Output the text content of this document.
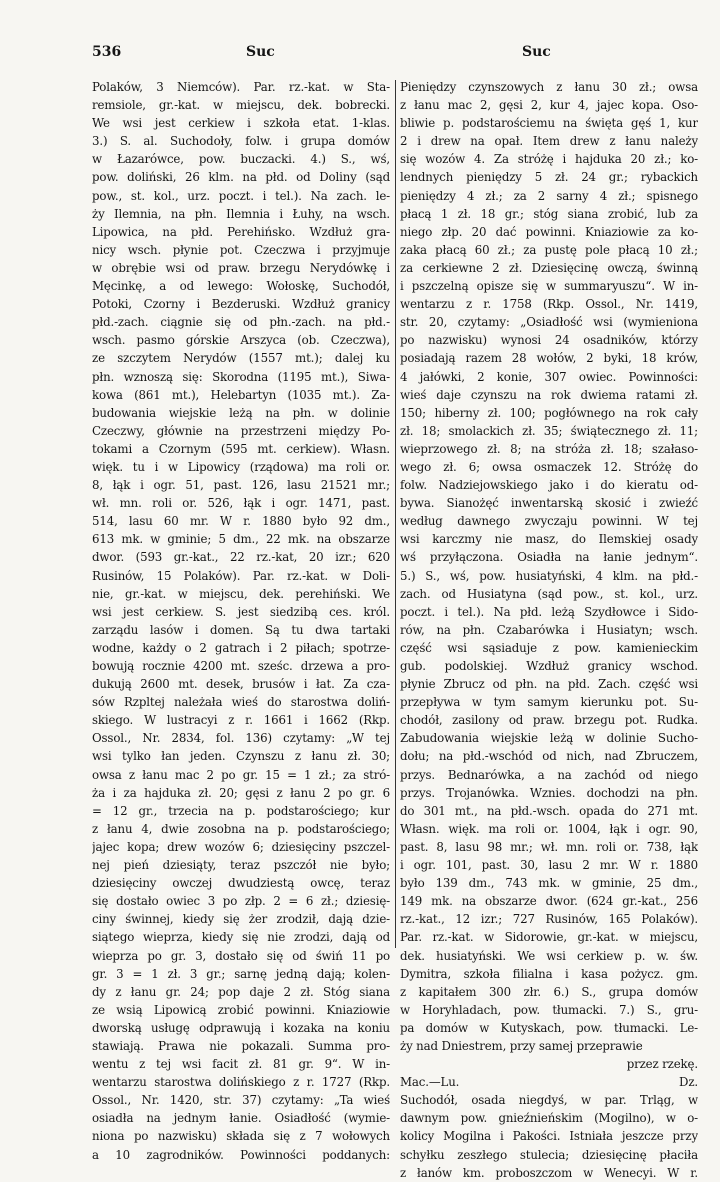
536	Suc	Suc
Polaków, 3 Niemców). Par. rz.-kat. w Sta-
remsiole, gr.-kat. w miejscu, dek. bobrecki.
We wsi jest cerkiew i szkoła etat. 1-klas.
3.) S. al. Suchodoły, folw. i grupa domów
w Łazarówce, pow. buczacki. 4.) S., wś,
pow. doliński, 26 klm. na płd. od Doliny (sąd
pow., st. kol., urz. poczt. i tel.). Na zach. le-
ży Ilemnia, na płn. Ilemnia i Łuhy, na wsch.
Lipowica, na płd. Perehińsko. Wzdłuż gra-
nicy wsch. płynie pot. Czeczwa i przyjmuje
w obrębie wsi od praw. brzegu Nerydówkę i
Męcinkę, a od lewego: Wołoskę, Suchodół,
Potoki, Czorny i Bezderuski. Wzdłuż granicy
płd.-zach. ciągnie się od płn.-zach. na płd.-
wsch. pasmo górskie Arszyca (ob. Czeczwa),
ze szczytem Nerydów (1557 mt.); dalej ku
płn. wznoszą się: Skorodna (1195 mt.), Siwa-
kowa (861 mt.), Helebartyn (1035 mt.). Za-
budowania wiejskie leżą na płn. w dolinie
Czeczwy, głównie na przestrzeni między Po-
tokami a Czornym (595 mt. cerkiew). Własn.
więk. tu i w Lipowicy (rządowa) ma roli or.
8, łąk i ogr. 51, past. 126, lasu 21521 mr.;
wł. mn. roli or. 526, łąk i ogr. 1471, past.
514, lasu 60 mr. W r. 1880 było 92 dm.,
613 mk. w gminie; 5 dm., 22 mk. na obszarze
dwor. (593 gr.-kat., 22 rz.-kat, 20 izr.; 620
Rusinów, 15 Polaków). Par. rz.-kat. w Doli-
nie, gr.-kat. w miejscu, dek. perehiński. We
wsi jest cerkiew. S. jest siedzibą ces. król.
zarządu lasów i domen. Są tu dwa tartaki
wodne, każdy o 2 gatrach i 2 piłach; spotrze-
bowują rocznie 4200 mt. sześc. drzewa a pro-
dukują 2600 mt. desek, brusów i łat. Za cza-
sów Rzpltej należała wieś do starostwa doliń-
skiego. W lustracyi z r. 1661 i 1662 (Rkp.
Ossol., Nr. 2834, fol. 136) czytamy: „W tej
wsi tylko łan jeden. Czynszu z łanu zł. 30;
owsa z łanu mac 2 po gr. 15 = 1 zł.; za stró-
ża i za hajduka zł. 20; gęsi z łanu 2 po gr. 6
= 12 gr., trzecia na p. podstarościego; kur
z łanu 4, dwie zosobna na p. podstarościego;
jajec kopa; drew wozów 6; dziesięciny pszczel-
nej pień dziesiąty, teraz pszczół nie było;
dziesięciny owczej dwudziestą owcę, teraz
się dostało owiec 3 po złp. 2 = 6 zł.; dziesię-
ciny świnnej, kiedy się żer zrodził, dają dzie-
siątego wieprza, kiedy się nie zrodzi, dają od
wieprza po gr. 3, dostało się od świń 11 po
gr. 3 = 1 zł. 3 gr.; sarnę jedną dają; kolen-
dy z łanu gr. 24; pop daje 2 zł. Stóg siana
ze wsią Lipowicą zrobić powinni. Kniaziowie
dworską usługę odprawują i kozaka na koniu
stawiają. Prawa nie pokazali. Summa pro-
wentu z tej wsi facit zł. 81 gr. 9“. W in-
wentarzu starostwa dolińskiego z r. 1727 (Rkp.
Ossol., Nr. 1420, str. 37) czytamy: „Ta wieś
osiadła na jednym łanie. Osiadłość (wymie-
niona po nazwisku) składa się z 7 wołowych
a 10 zagrodników. Powinności poddanych:
Pieniędzy czynszowych z łanu 30 zł.; owsa
z łanu mac 2, gęsi 2, kur 4, jajec kopa. Oso-
bliwie p. podstarościemu na święta gęś 1, kur
2 i drew na opał. Item drew z łanu należy
się wozów 4. Za stróżę i hajduka 20 zł.; ko-
lendnych pieniędzy 5 zł. 24 gr.; rybackich
pieniędzy 4 zł.; za 2 sarny 4 zł.; spisnego
płacą 1 zł. 18 gr.; stóg siana zrobić, lub za
niego złp. 20 dać powinni. Kniaziowie za ko-
zaka płacą 60 zł.; za pustę pole płacą 10 zł.;
za cerkiewne 2 zł. Dziesięcinę owczą, świnną
i pszczelną opisze się w summaryuszu“. W in-
wentarzu z r. 1758 (Rkp. Ossol., Nr. 1419,
str. 20, czytamy: „Osiadłość wsi (wymieniona
po nazwisku) wynosi 24 osadników, którzy
posiadają razem 28 wołów, 2 byki, 18 krów,
4 jałówki, 2 konie, 307 owiec. Powinności:
wieś daje czynszu na rok dwiema ratami zł.
150; hiberny zł. 100; pogłównego na rok cały
zł. 18; smolackich zł. 35; świątecznego zł. 11;
wieprzowego zł. 8; na stróża zł. 18; szałaso-
wego zł. 6; owsa osmaczek 12. Stróżę do
folw. Nadziejowskiego jako i do kieratu od-
bywa. Sianożęć inwentarską skosić i zwieźć
według dawnego zwyczaju powinni. W tej
wsi karczmy nie masz, do Ilemskiej osady
wś przyłączona. Osiadła na łanie jednym“.
5.) S., wś, pow. husiatyński, 4 klm. na płd.-
zach. od Husiatyna (sąd pow., st. kol., urz.
poczt. i tel.). Na płd. leżą Szydłowce i Sido-
rów, na płn. Czabarówka i Husiatyn; wsch.
część wsi sąsiaduje z pow. kamienieckim
gub. podolskiej. Wzdłuż granicy wschod.
płynie Zbrucz od płn. na płd. Zach. część wsi
przepływa w tym samym kierunku pot. Su-
chodół, zasilony od praw. brzegu pot. Rudka.
Zabudowania wiejskie leżą w dolinie Sucho-
dołu; na płd.-wschód od nich, nad Zbruczem,
przys. Bednarówka, a na zachód od niego
przys. Trojanówka. Wznies. dochodzi na płn.
do 301 mt., na płd.-wsch. opada do 271 mt.
Własn. więk. ma roli or. 1004, łąk i ogr. 90,
past. 8, lasu 98 mr.; wł. mn. roli or. 738, łąk
i ogr. 101, past. 30, lasu 2 mr. W r. 1880
było 139 dm., 743 mk. w gminie, 25 dm.,
149 mk. na obszarze dwor. (624 gr.-kat., 256
rz.-kat., 12 izr.; 727 Rusinów, 165 Polaków).
Par. rz.-kat. w Sidorowie, gr.-kat. w miejscu,
dek. husiatyński. We wsi cerkiew p. w. św.
Dymitra, szkoła filialna i kasa pożycz. gm.
z kapitałem 300 złr. 6.) S., grupa domów
w Horyhladach, pow. tłumacki. 7.) S., gru-
pa domów w Kutyskach, pow. tłumacki. Le-
ży nad Dniestrem, przy samej przeprawie
przez rzekę.
Mac.—Lu. Dz.
Suchodół, osada niegdyś, w par. Trląg, w
dawnym pow. gnieźnieńskim (Mogilno), w o-
kolicy Mogilna i Pakości. Istniała jeszcze przy
schyłku zeszłego stulecia; dziesięcinę płaciła
z łanów km. proboszczom w Wenecyi. W r.
